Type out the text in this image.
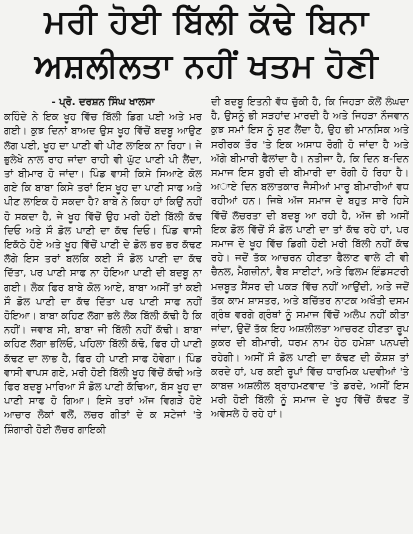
ਮਰੀ ਹੋਈ ਬਿੱਲੀ ਕੱਢੇ ਬਿਨਾ
ਅਸ਼ਲੀਲਤਾ ਨਹੀਂ ਖਤਮ ਹੋਣੀ
- ਪ੍ਰੋ. ਦਰਸ਼ਨ ਸਿੰਘ ਖਾਲਸਾ

ਕਹਿੰਦੇ ਨੇ ਇਕ ਖੂਹ ਵਿੱਚ ਬਿੱਲੀ ਡਿਗ ਪਈ ਅਤੇ ਮਰ ਗਈ। ਕੁਝ ਦਿਨਾਂ ਬਾਅਦ ਉਸ ਖੂਹ ਵਿੱਚੋਂ ਬਦਬੂ ਆਉਣ ਲੱਗ ਪਈ, ਖੂਹ ਦਾ ਪਾਣੀ ਵੀ ਪੀਣ ਲਾਇਕ ਨਾ ਰਿਹਾ। ਜੇ ਭੁਲੇਖੇ ਨਾਲ ਰਾਹ ਜਾਂਦਾ ਰਾਹੀ ਵੀ ਘੁੱਟ ਪਾਣੀ ਪੀ ਲੈਂਦਾ, ਤਾਂ ਬੀਮਾਰ ਹੋ ਜਾਂਦਾ। ਪਿੰਡ ਵਾਸੀ ਕਿਸੇ ਸਿਆਣੇ ਕੋਲ ਗਏ ਕਿ ਬਾਬਾ ਕਿਸੇ ਤਰਾਂ ਇਸ ਖੂਹ ਦਾ ਪਾਣੀ ਸਾਫ ਅਤੇ ਪੀਣ ਲਾਇਕ ਹੋ ਸਕਦਾ ਹੈ? ਬਾਬੇ ਨੇ ਕਿਹਾ ਹਾਂ ਕਿਉਂ ਨਹੀਂ ਹੋ ਸਕਦਾ ਹੈ, ਜੇ ਖੂਹ ਵਿੱਚੋਂ ਉਹ ਮਰੀ ਹੋਈ ਬਿੱਲੀ ਕੱਢ ਦਿਓ ਅਤੇ ਸੌ ਡੋਲ ਪਾਣੀ ਦਾ ਕੱਢ ਦਿਓ। ਪਿੰਡ ਵਾਸੀ ਇਕੱਠੇ ਹੋਏ ਅਤੇ ਖੂਹ ਵਿੱਚੋਂ ਪਾਣੀ ਦੇ ਡੋਲ ਭਰ ਭਰ ਕੱਢਣ ਲੱਗੇ ਇਸ ਤਰਾਂ ਬਲਕਿ ਕਈ ਸੌ ਡੋਲ ਪਾਣੀ ਦਾ ਕੱਢ ਦਿੱਤਾ, ਪਰ ਪਾਣੀ ਸਾਫ ਨਾ ਹੋਇਆ ਪਾਣੀ ਦੀ ਬਦਬੂ ਨਾ ਗਈ। ਲੋਕ ਫਿਰ ਬਾਬੇ ਕੋਲ ਆਏ, ਬਾਬਾ ਅਸੀਂ ਤਾਂ ਕਈ ਸੌ ਡੋਲ ਪਾਣੀ ਦਾ ਕੱਢ ਦਿੱਤਾ ਪਰ ਪਾਣੀ ਸਾਫ ਨਹੀਂ ਹੋਇਆ। ਬਾਬਾ ਕਹਿਣ ਲੱਗਾ ਭਲੇ ਲੋਕ ਬਿੱਲੀ ਕੱਢੀ ਹੈ ਕਿ ਨਹੀਂ। ਜਵਾਬ ਸੀ, ਬਾਬਾ ਜੀ ਬਿੱਲੀ ਨਹੀਂ ਕੱਢੀ। ਬਾਬਾ ਕਹਿਣ ਲੱਗਾ ਭਲਿਓ, ਪਹਿਲਾ ਬਿੱਲੀ ਕੱਢੋ, ਫਿਰ ਹੀ ਪਾਣੀ ਕੱਢਣ ਦਾ ਲਾਭ ਹੈ, ਫਿਰ ਹੀ ਪਾਣੀ ਸਾਫ ਹੋਵੇਗਾ। ਪਿੰਡ ਵਾਸੀ ਵਾਪਸ ਗਏ, ਮਰੀ ਹੋਈ ਬਿੱਲੀ ਖੂਹ ਵਿੱਚੋਂ ਕੱਢੀ ਅਤੇ ਫਿਰ ਬਦਬੂ ਮਾਰਿਆ ਸੌ ਡੋਲ ਪਾਣੀ ਕੱਢਿਆ, ਬੱਸ ਖੂਹ ਦਾ ਪਾਣੀ ਸਾਫ ਹੋ ਗਿਆ। ਇਸੇ ਤਰਾਂ ਅੱਜ ਵਿਗੜੇ ਹੋਏ ਆਚਾਰ ਲੋਕਾਂ ਵਲੋਂ, ਲਚਰ ਗੀਤਾਂ ਦੇ ਕ ਸਟੇਜਾਂ 'ਤੇ ਸ਼ਿੰਗਾਰੀ ਹੋਈ ਲੱਚਰ ਗਾਇਕੀ

ਦੀ ਬਦਬੂ ਇਤਨੀ ਵੱਧ ਚੁੱਕੀ ਹੈ, ਕਿ ਜਿਹੜਾ ਕੋਲੋਂ ਲੰਘਦਾ ਹੈ, ਉਸਨੂੰ ਭੀ ਸੜਹਾਂਦ ਮਾਰਦੀ ਹੈ ਅਤੇ ਜਿਹੜਾ ਨੌਜਵਾਨ ਕੁਝ ਸਮਾਂ ਇਸ ਨੂੰ ਸੁਣ ਲੈਂਦਾ ਹੈ, ਉਹ ਭੀ ਮਾਨਸਿਕ ਅਤੇ ਸਰੀਰਕ ਤੌਰ 'ਤੇ ਇਕ ਅਸਾਧ ਰੋਗੀ ਹੋ ਜਾਂਦਾ ਹੈ ਅਤੇ ਅੱਗੇ ਬੀਮਾਰੀ ਫੈਲਾਂਦਾ ਹੈ। ਨਤੀਜਾ ਹੈ, ਕਿ ਦਿਨ ਬ-ਦਿਨ ਸਮਾਜ ਇਸ ਬੁਰੀ ਦੀ ਬੀਮਾਰੀ ਦਾ ਰੋਗੀ ਹੋ ਰਿਹਾ ਹੈ। ਅਾਏ ਦਿਨ ਬਲਾਤਕਾਰ ਜੈਸੀਆਂ ਮਾਰੂ ਬੀਮਾਰੀਆਂ ਵਧ ਰਹੀਆਂ ਹਨ। ਜਿਥੇ ਅੱਜ ਸਮਾਜ ਦੇ ਬਹੁਤ ਸਾਰੇ ਹਿਸੇ ਵਿੱਚੋਂ ਲੱਚਰਤਾ ਦੀ ਬਦਬੂ ਆ ਰਹੀ ਹੈ, ਅੱਜ ਭੀ ਅਸੀਂ ਇਕ ਡੋਲ ਵਿੱਚੋਂ ਸੌ ਡੋਲ ਪਾਣੀ ਦਾ ਤਾਂ ਕੱਢ ਰਹੇ ਹਾਂ, ਪਰ ਸਮਾਜ ਦੇ ਖੂਹ ਵਿੱਚ ਡਿਗੀ ਹੋਈ ਮਰੀ ਬਿੱਲੀ ਨਹੀਂ ਕੱਢ ਰਹੇ। ਜਦੋਂ ਤੱਕ ਆਚਰਨ ਹੀਣਤਾ ਫੈਲਾਣ ਵਾਲੇ ਟੀ ਵੀ ਚੈਨਲ, ਮੈਗਜ਼ੀਨਾਂ, ਵੈਬ ਸਾਈਟਾਂ, ਅਤੇ ਫਿਲਮ ਇੰਡਸਟਰੀ ਮਜ਼ਬੂਤ ਸੈਂਸਰ ਦੀ ਪਕੜ ਵਿੱਚ ਨਹੀਂ ਆਉਂਦੀ, ਅਤੇ ਜਦੋਂ ਤੱਕ ਕਾਮ ਸ਼ਾਸਤਰ, ਅਤੇ ਬਚਿੱਤਰ ਨਾਟਕ ਅਖੌਤੀ ਦਸਮ ਗ੍ਰੰਥ ਵਰਗੇ ਗ੍ਰੰਥਾਂ ਨੂੰ ਸਮਾਜ ਵਿੱਚੋਂ ਅਲੋਪ ਨਹੀਂ ਕੀਤਾ ਜਾਂਦਾ, ਉਦੋਂ ਤੱਕ ਇਹ ਅਸ਼ਲੀਲਤਾ ਆਚਰਣ ਹੀਣਤਾ ਰੂਪ ਕੁਕਰ ਦੀ ਬੀਮਾਰੀ, ਧਰਮ ਨਾਮ ਹੇਠ ਹਮੇਸ਼ਾ ਪਨਪਦੀ ਰਹੇਗੀ। ਅਸੀਂ ਸੌ ਡੋਲ ਪਾਣੀ ਦਾ ਕੱਢਣ ਦੀ ਕੋਸ਼ਸ਼ ਤਾਂ ਕਰਦੇ ਹਾਂ, ਪਰ ਕਈ ਰੂਪਾਂ ਵਿੱਚ ਧਾਰਮਿਕ ਪਦਵੀਆਂ 'ਤੇ ਕਾਬਜ਼ ਅਸ਼ਲੀਲ ਬ੍ਰਾਹਮਣਵਾਦ 'ਤੇ ਡਰਦੇ, ਅਸੀਂ ਇਸ ਮਰੀ ਹੋਈ ਬਿੱਲੀ ਨੂੰ ਸਮਾਜ ਦੇ ਖੂਹ ਵਿੱਚੋਂ ਕੱਢਣ ਤੋਂ ਅਵੇਸਲੇ ਹੋ ਰਹੇ ਹਾਂ।
